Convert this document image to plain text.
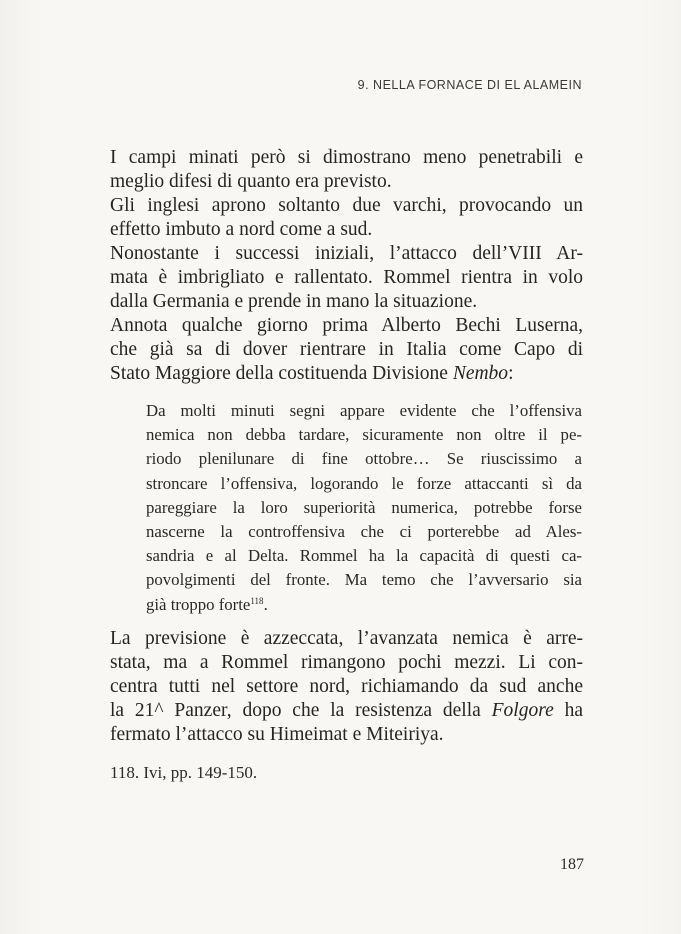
9. NELLA FORNACE DI EL ALAMEIN
I campi minati però si dimostrano meno penetrabili e
meglio difesi di quanto era previsto.
Gli inglesi aprono soltanto due varchi, provocando un
effetto imbuto a nord come a sud.
Nonostante i successi iniziali, l’attacco dell’VIII Ar-
mata è imbrigliato e rallentato. Rommel rientra in volo
dalla Germania e prende in mano la situazione.
Annota qualche giorno prima Alberto Bechi Luserna,
che già sa di dover rientrare in Italia come Capo di
Stato Maggiore della costituenda Divisione Nembo:
Da molti minuti segni appare evidente che l’offensiva
nemica non debba tardare, sicuramente non oltre il pe-
riodo plenilunare di fine ottobre… Se riuscissimo a
stroncare l’offensiva, logorando le forze attaccanti sì da
pareggiare la loro superiorità numerica, potrebbe forse
nascerne la controffensiva che ci porterebbe ad Ales-
sandria e al Delta. Rommel ha la capacità di questi ca-
povolgimenti del fronte. Ma temo che l’avversario sia
già troppo forte$^{118}$.
La previsione è azzeccata, l’avanzata nemica è arre-
stata, ma a Rommel rimangono pochi mezzi. Li con-
centra tutti nel settore nord, richiamando da sud anche
la 21^ Panzer, dopo che la resistenza della Folgore ha
fermato l’attacco su Himeimat e Miteiriya.
118. Ivi, pp. 149-150.
187
